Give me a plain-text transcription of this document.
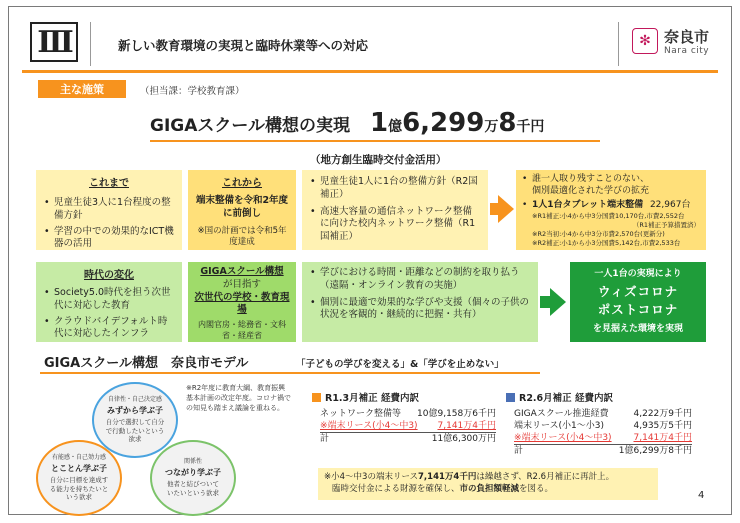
Ⅲ	新しい教育環境の実現と臨時休業等への対応	✻ 奈良市
Nara city
主な施策	（担当課：学校教育課）
GIGAスクール構想の実現 1億6,299万8千円
（地方創生臨時交付金活用）
これまで
• 児童生徒3人に1台程度の整備方針
• 学習の中での効果的なICT機器の活用
これから
端末整備を令和2年度に前倒し
※国の計画では令和5年度達成
• 児童生徒1人に1台の整備方針（R2国補正）
• 高速大容量の通信ネットワーク整備に向けた校内ネットワーク整備（R1国補正）
• 誰一人取り残すことのない、
個別最適化された学びの拡充
• 1人1台タブレット端末整備 22,967台
※R1補正:小4から中3分国費10,170台,市費2,552台
（R1補正予算措置済）
※R2当初:小4から中3分市費2,570台(更新分)
※R2補正:小1から小3分国費5,142台,市費2,533台
時代の変化
• Society5.0時代を担う次世代に対応した教育
• クラウドバイデフォルト時代に対応したインフラ
GIGAスクール構想
が目指す
次世代の学校・教育現場
内閣官房・総務省・文科省・経産省
• 学びにおける時間・距離などの制約を取り払う（遠隔・オンライン教育の実施）
• 個別に最適で効果的な学びや支援（個々の子供の状況を客観的・継続的に把握・共有）
一人1台の実現により
ウィズコロナ
ポストコロナ
を見据えた環境を実現
GIGAスクール構想　奈良市モデル	「子どもの学びを変える」&「学びを止めない」
自律性・自己決定感
みずから学ぶ子
自分で選択して自分で行動したいという欲求
有能感・自己効力感
とことん学ぶ子
自分に目標を達成する能力を持ちたいという欲求
関係性
つながり学ぶ子
他者と結びついていたいという欲求
※R2年度に教育大綱、教育振興基本計画の改定年度。コロナ禍での知見も踏まえ議論を重ねる。
R1.3月補正 経費内訳
ネットワーク整備等 10億9,158万6千円
※端末リース(小4～中3) 7,141万4千円
計	11億6,300万円
R2.6月補正 経費内訳
GIGAスクール推進経費	4,222万9千円
端末リース(小1～小3)	4,935万5千円
※端末リース(小4～中3) 7,141万4千円
計	1億6,299万8千円
※小4～中3の端末リース7,141万4千円は繰越さず、R2.6月補正に再計上。
臨時交付金による財源を確保し、市の負担額軽減を図る。
4
